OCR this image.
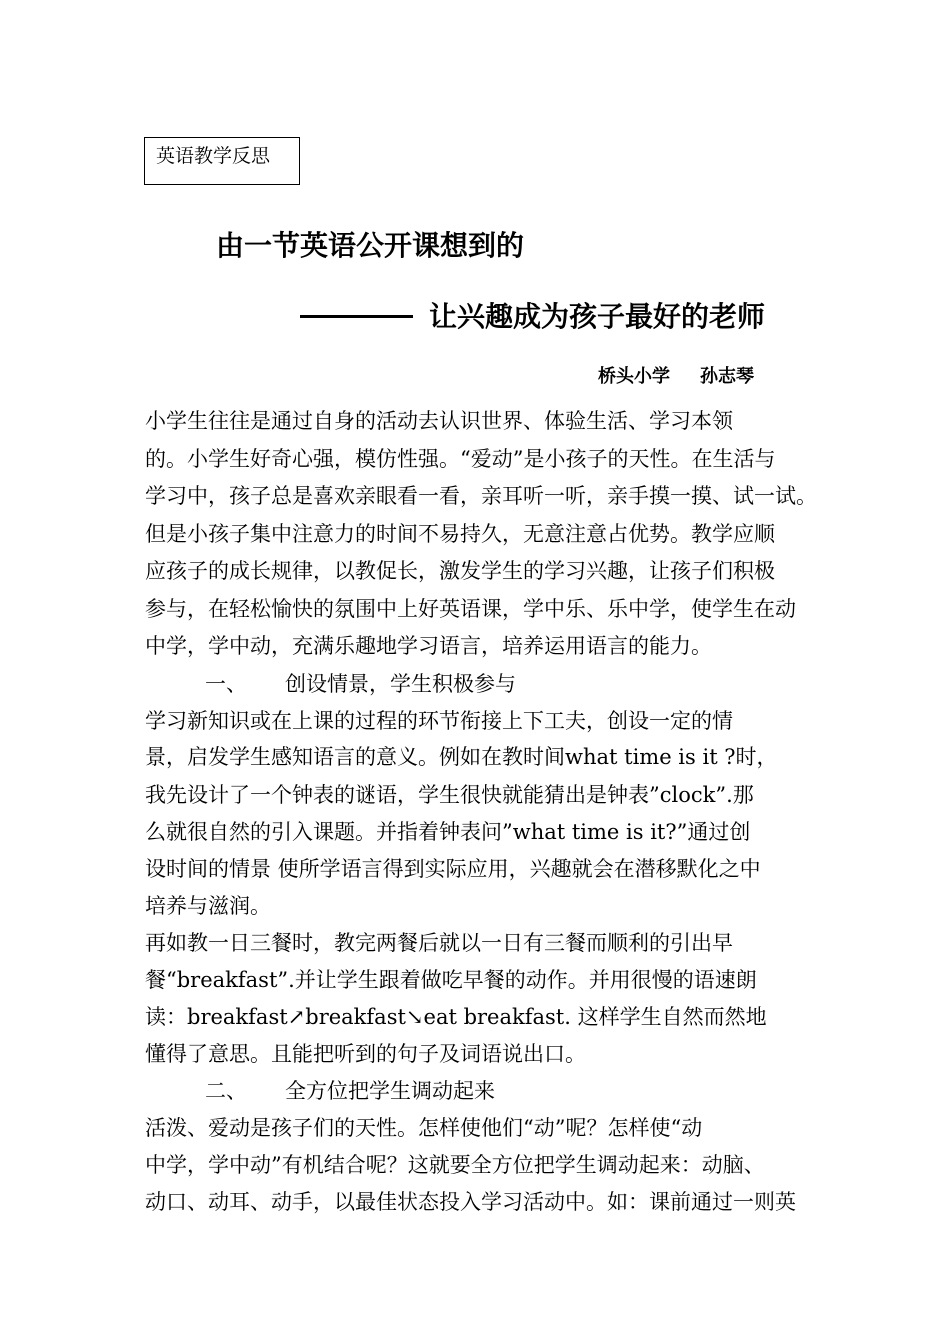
英语教学反思
由一节英语公开课想到的
让兴趣成为孩子最好的老师
桥头小学 孙志琴
小学生往往是通过自身的活动去认识世界、体验生活、学习本领
的。小学生好奇心强，模仿性强。“爱动”是小孩子的天性。在生活与
学习中，孩子总是喜欢亲眼看一看，亲耳听一听，亲手摸一摸、试一试。
但是小孩子集中注意力的时间不易持久，无意注意占优势。教学应顺
应孩子的成长规律，以教促长，激发学生的学习兴趣，让孩子们积极
参与，在轻松愉快的氛围中上好英语课，学中乐、乐中学，使学生在动
中学，学中动，充满乐趣地学习语言，培养运用语言的能力。
一、 创设情景，学生积极参与
学习新知识或在上课的过程的环节衔接上下工夫，创设一定的情
景，启发学生感知语言的意义。例如在教时间what time is it ?时，
我先设计了一个钟表的谜语，学生很快就能猜出是钟表”clock”.那
么就很自然的引入课题。并指着钟表问”what time is it?”通过创
设时间的情景 使所学语言得到实际应用，兴趣就会在潜移默化之中
培养与滋润。
再如教一日三餐时，教完两餐后就以一日有三餐而顺利的引出早
餐“breakfast”.并让学生跟着做吃早餐的动作。并用很慢的语速朗
读：breakfast↗breakfast↘eat breakfast. 这样学生自然而然地
懂得了意思。且能把听到的句子及词语说出口。
二、 全方位把学生调动起来
活泼、爱动是孩子们的天性。怎样使他们“动”呢？怎样使“动
中学，学中动”有机结合呢？这就要全方位把学生调动起来：动脑、
动口、动耳、动手，以最佳状态投入学习活动中。如：课前通过一则英
